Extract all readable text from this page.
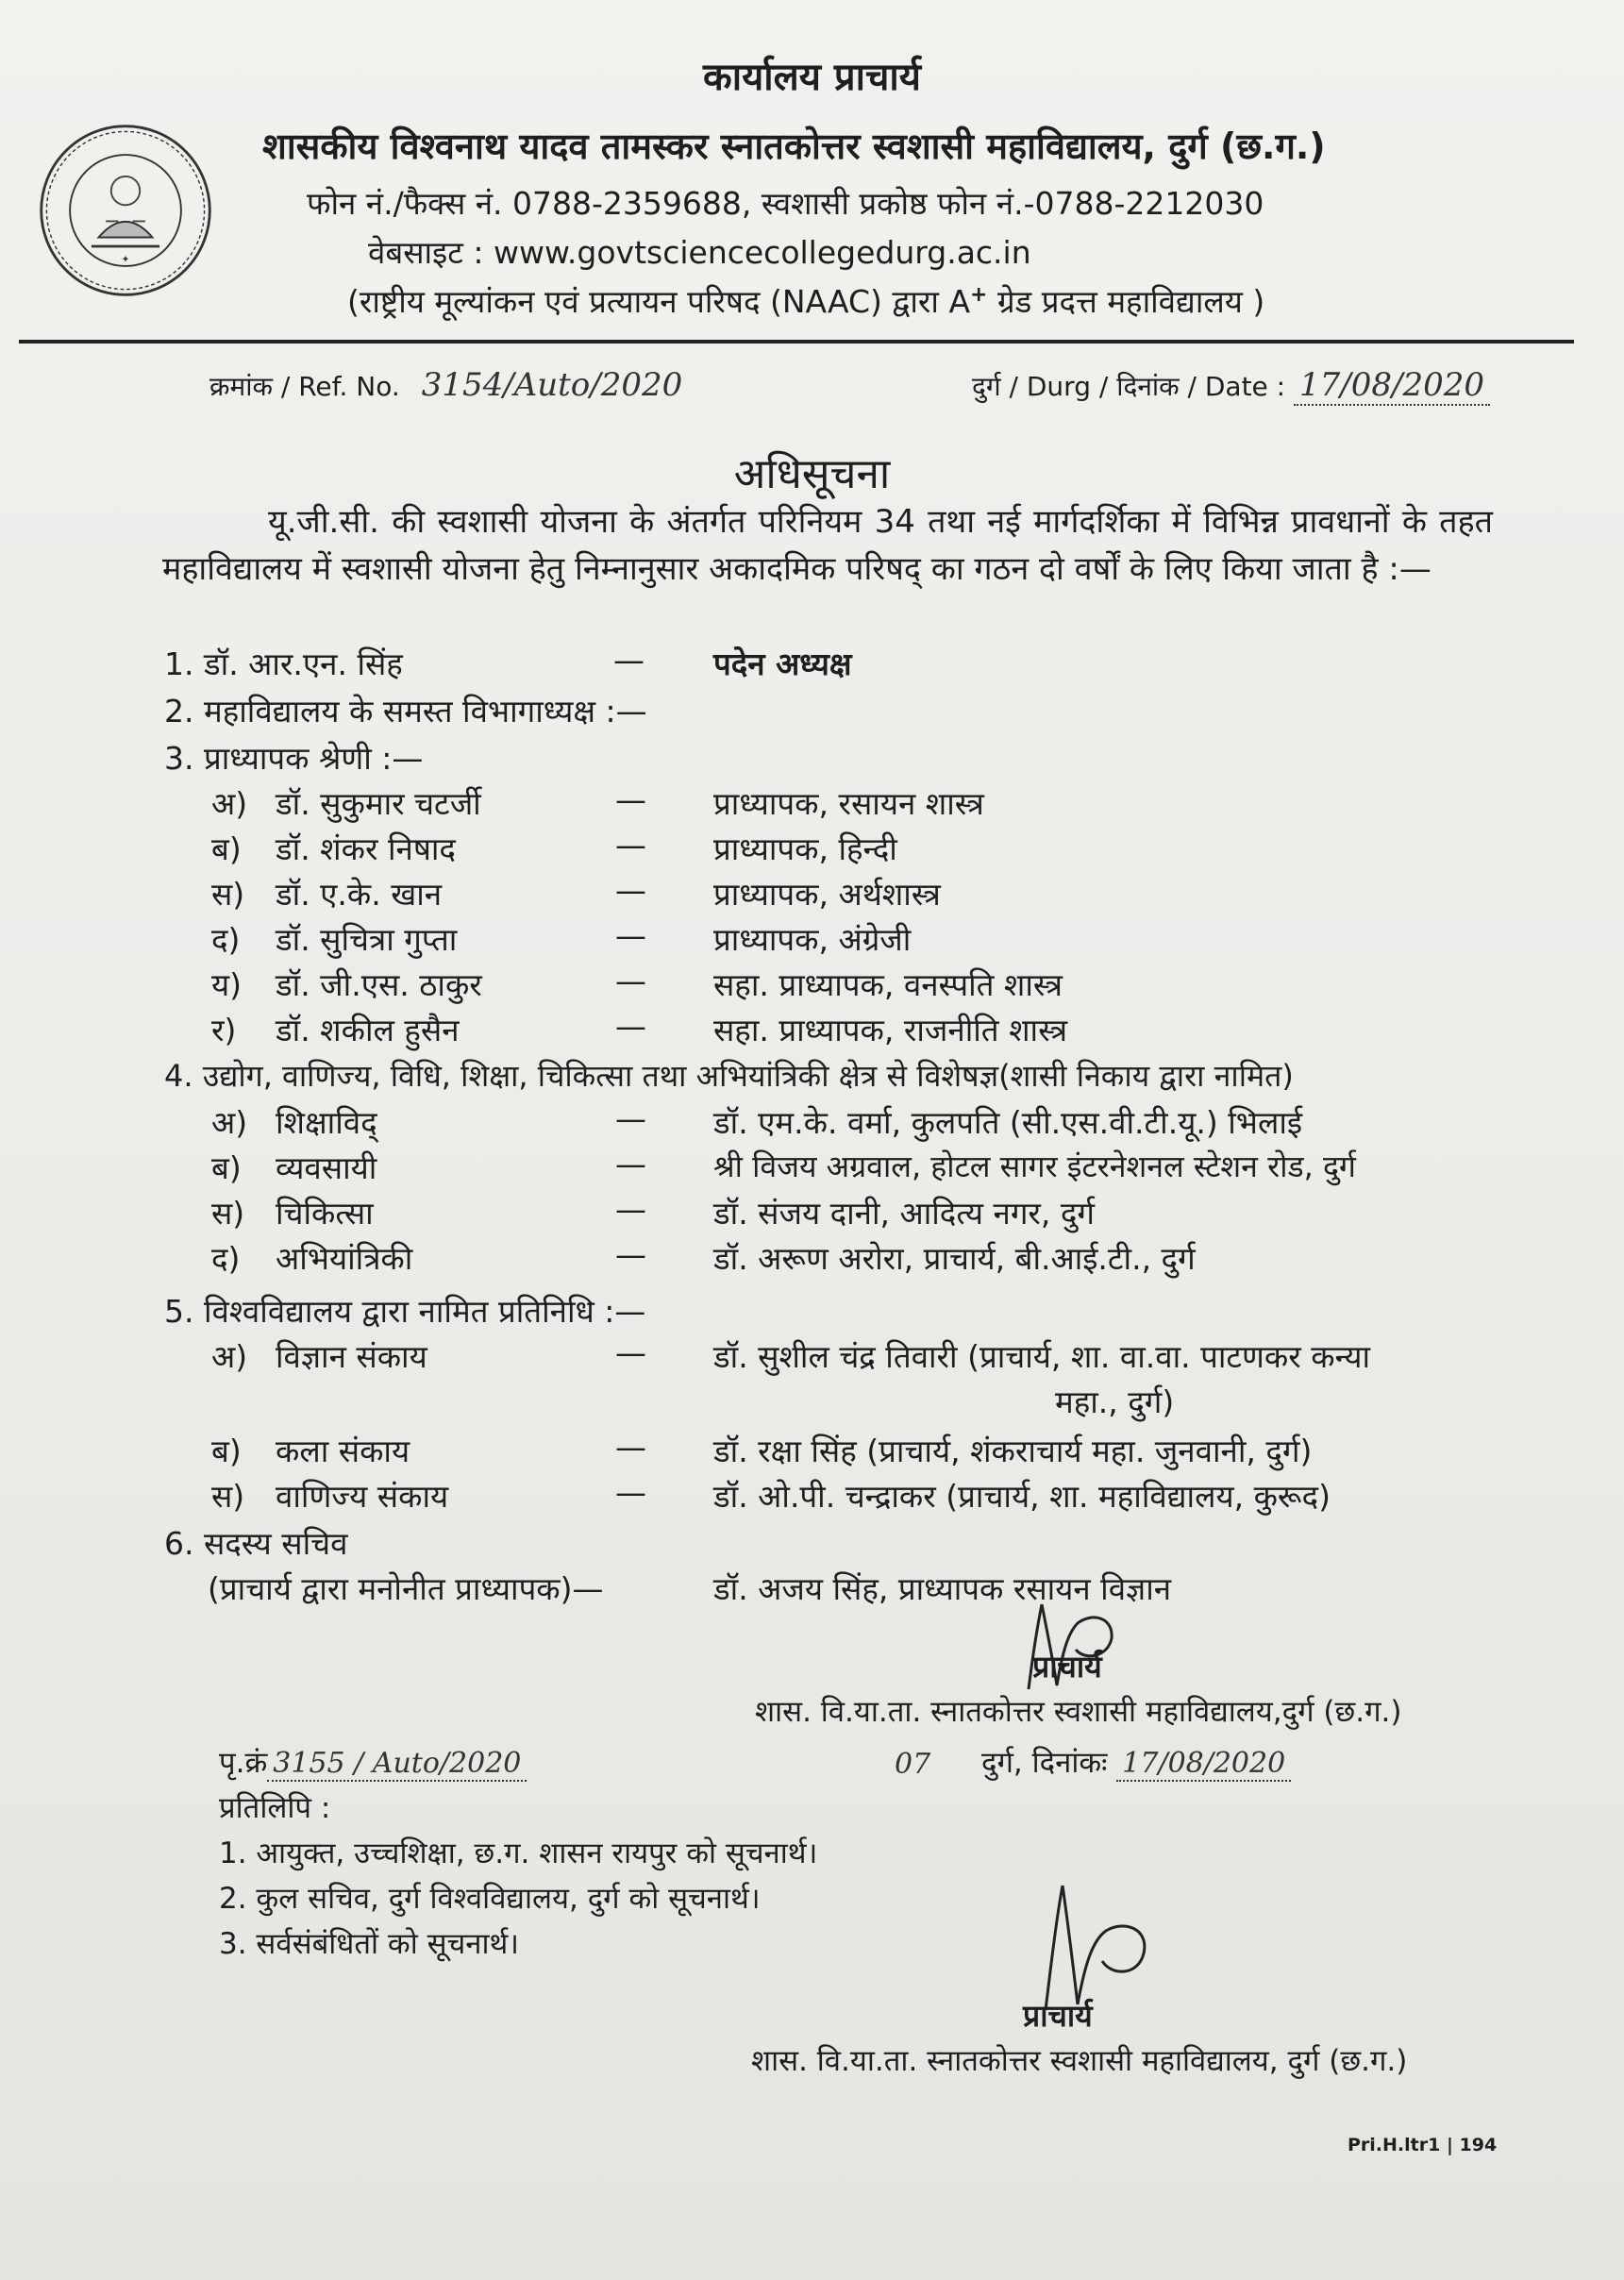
✦
कार्यालय प्राचार्य
शासकीय विश्वनाथ यादव तामस्कर स्नातकोत्तर स्वशासी महाविद्यालय, दुर्ग (छ.ग.)
फोन नं./फैक्स नं. 0788-2359688, स्वशासी प्रकोष्ठ फोन नं.-0788-2212030
वेबसाइट : www.govtsciencecollegedurg.ac.in
(राष्ट्रीय मूल्यांकन एवं प्रत्यायन परिषद (NAAC) द्वारा A+ ग्रेड प्रदत्त महाविद्यालय )
क्रमांक / Ref. No. 3154/Auto/2020	दुर्ग / Durg / दिनांक / Date : 17/08/2020
अधिसूचना
यू.जी.सी. की स्वशासी योजना के अंतर्गत परिनियम 34 तथा नई मार्गदर्शिका में विभिन्न प्रावधानों के तहत महाविद्यालय में स्वशासी योजना हेतु निम्नानुसार अकादमिक परिषद् का गठन दो वर्षों के लिए किया जाता है :—
1. डॉ. आर.एन. सिंह	— पदेन अध्यक्ष
2. महाविद्यालय के समस्त विभागाध्यक्ष :—
3. प्राध्यापक श्रेणी :—
अ) डॉ. सुकुमार चटर्जी	— प्राध्यापक, रसायन शास्त्र
ब) डॉ. शंकर निषाद	— प्राध्यापक, हिन्दी
स) डॉ. ए.के. खान	— प्राध्यापक, अर्थशास्त्र
द) डॉ. सुचित्रा गुप्ता	— प्राध्यापक, अंग्रेजी
य) डॉ. जी.एस. ठाकुर	— सहा. प्राध्यापक, वनस्पति शास्त्र
र) डॉ. शकील हुसैन	— सहा. प्राध्यापक, राजनीति शास्त्र
4. उद्योग, वाणिज्य, विधि, शिक्षा, चिकित्सा तथा अभियांत्रिकी क्षेत्र से विशेषज्ञ(शासी निकाय द्वारा नामित)
अ) शिक्षाविद्	— डॉ. एम.के. वर्मा, कुलपति (सी.एस.वी.टी.यू.) भिलाई
ब) व्यवसायी	— श्री विजय अग्रवाल, होटल सागर इंटरनेशनल स्टेशन रोड, दुर्ग
स) चिकित्सा	— डॉ. संजय दानी, आदित्य नगर, दुर्ग
द) अभियांत्रिकी	— डॉ. अरूण अरोरा, प्राचार्य, बी.आई.टी., दुर्ग
5. विश्वविद्यालय द्वारा नामित प्रतिनिधि :—
अ) विज्ञान संकाय	— डॉ. सुशील चंद्र तिवारी (प्राचार्य, शा. वा.वा. पाटणकर कन्या
महा., दुर्ग)
ब) कला संकाय	— डॉ. रक्षा सिंह (प्राचार्य, शंकराचार्य महा. जुनवानी, दुर्ग)
स) वाणिज्य संकाय	— डॉ. ओ.पी. चन्द्राकर (प्राचार्य, शा. महाविद्यालय, कुरूद)
6. सदस्य सचिव
(प्राचार्य द्वारा मनोनीत प्राध्यापक)—	डॉ. अजय सिंह, प्राध्यापक रसायन विज्ञान
प्राचार्य
शास. वि.या.ता. स्नातकोत्तर स्वशासी महाविद्यालय,दुर्ग (छ.ग.)
पृ.क्रं 3155 / Auto/2020	07 दुर्ग, दिनांकः 17/08/2020
प्रतिलिपि :
1. आयुक्त, उच्चशिक्षा, छ.ग. शासन रायपुर को सूचनार्थ।
2. कुल सचिव, दुर्ग विश्वविद्यालय, दुर्ग को सूचनार्थ।
3. सर्वसंबंधितों को सूचनार्थ।
प्राचार्य
शास. वि.या.ता. स्नातकोत्तर स्वशासी महाविद्यालय, दुर्ग (छ.ग.)
Pri.H.ltr1 | 194
